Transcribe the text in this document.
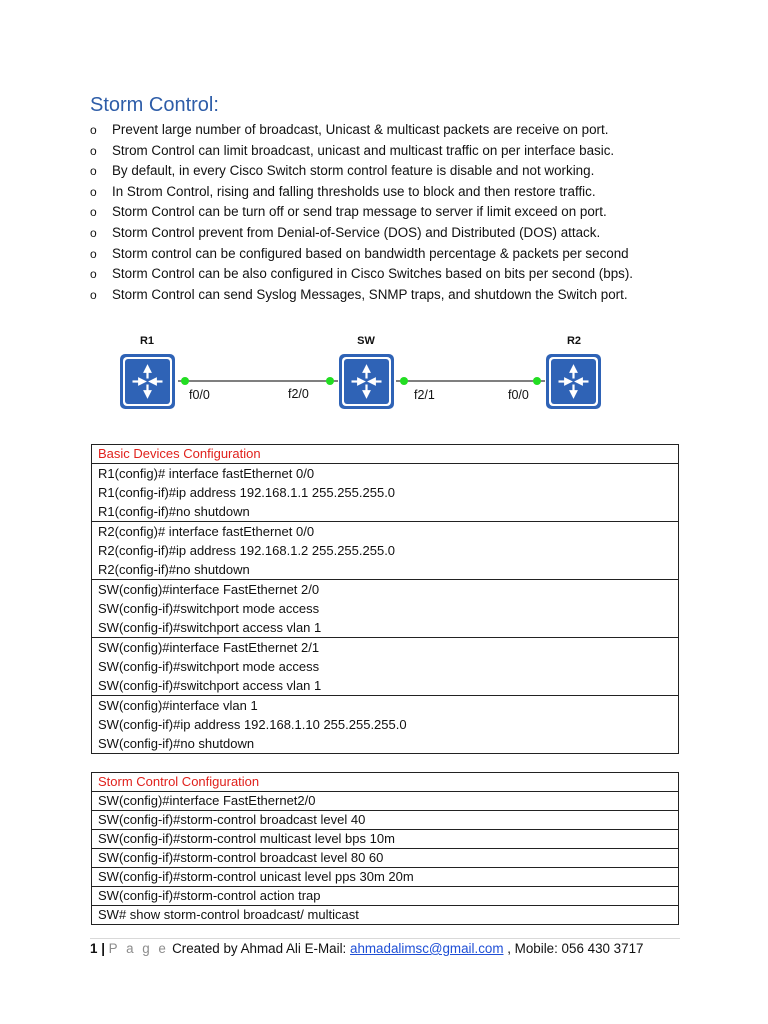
Storm Control:
o Prevent large number of broadcast, Unicast & multicast packets are receive on port.
o Strom Control can limit broadcast, unicast and multicast traffic on per interface basic.
o By default, in every Cisco Switch storm control feature is disable and not working.
o In Strom Control, rising and falling thresholds use to block and then restore traffic.
o Storm Control can be turn off or send trap message to server if limit exceed on port.
o Storm Control prevent from Denial-of-Service (DOS) and Distributed (DOS) attack.
o Storm control can be configured based on bandwidth percentage & packets per second
o Storm Control can be also configured in Cisco Switches based on bits per second (bps).
o Storm Control can send Syslog Messages, SNMP traps, and shutdown the Switch port.
R1	SW	R2
f0/0	f2/0	f2/1	f0/0
Basic Devices Configuration

R1(config)# interface fastEthernet 0/0
R1(config-if)#ip address 192.168.1.1 255.255.255.0
R1(config-if)#no shutdown

R2(config)# interface fastEthernet 0/0
R2(config-if)#ip address 192.168.1.2 255.255.255.0
R2(config-if)#no shutdown

SW(config)#interface FastEthernet 2/0
SW(config-if)#switchport mode access
SW(config-if)#switchport access vlan 1

SW(config)#interface FastEthernet 2/1
SW(config-if)#switchport mode access
SW(config-if)#switchport access vlan 1

SW(config)#interface vlan 1
SW(config-if)#ip address 192.168.1.10 255.255.255.0
SW(config-if)#no shutdown
Storm Control Configuration
SW(config)#interface FastEthernet2/0
SW(config-if)#storm-control broadcast level 40
SW(config-if)#storm-control multicast level bps 10m
SW(config-if)#storm-control broadcast level 80 60
SW(config-if)#storm-control unicast level pps 30m 20m
SW(config-if)#storm-control action trap
SW# show storm-control broadcast/ multicast
1 | P a g e Created by Ahmad Ali E-Mail: ahmadalimsc@gmail.com , Mobile: 056 430 3717
